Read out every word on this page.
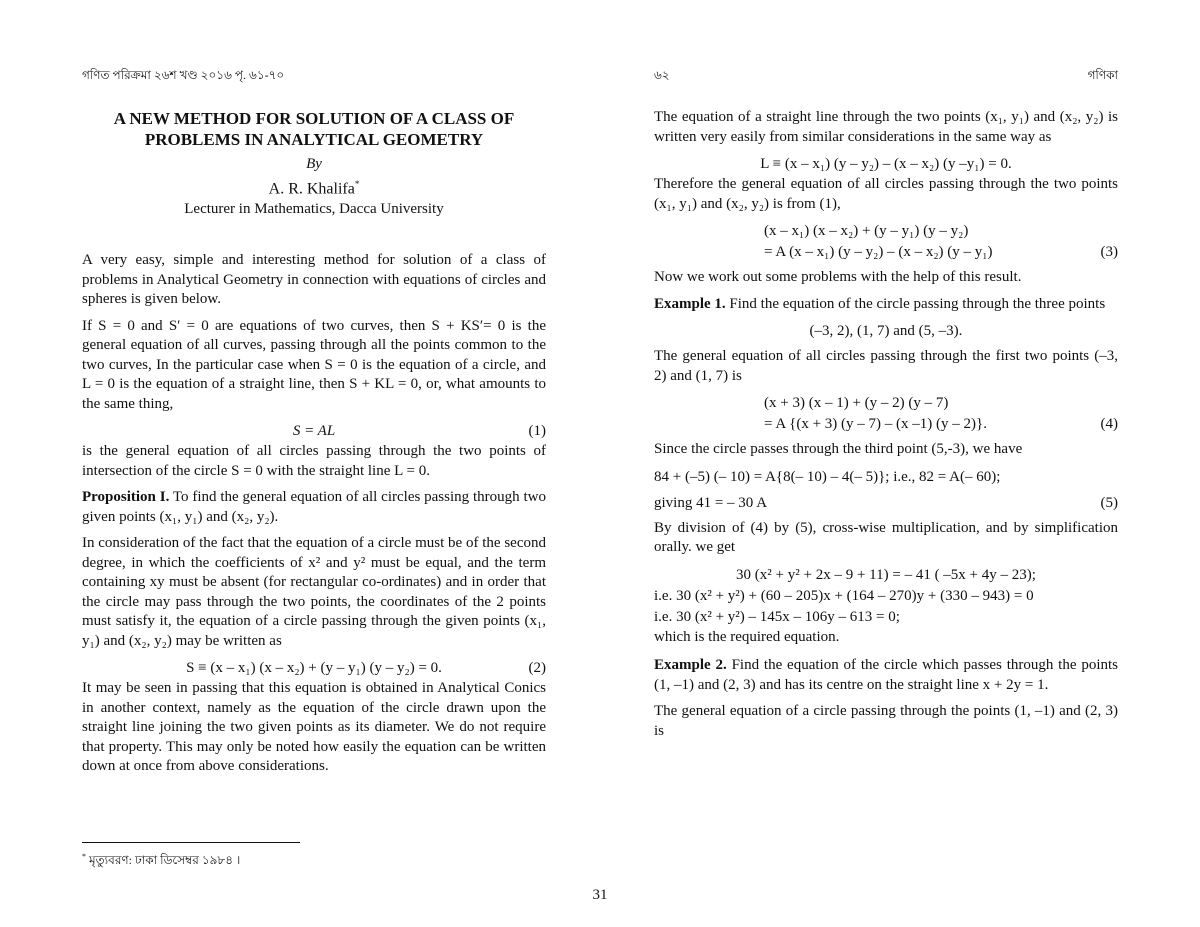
গণিত পরিক্রমা ২৬শ খণ্ড ২০১৬ পৃ. ৬১-৭০	৬২	গণিকা
A NEW METHOD FOR SOLUTION OF A CLASS OF
PROBLEMS IN ANALYTICAL GEOMETRY
By
A. R. Khalifa*
Lecturer in Mathematics, Dacca University

A very easy, simple and interesting method for solution of a class of problems in Analytical Geometry in connection with equations of circles and spheres is given below.

If S = 0 and S′ = 0 are equations of two curves, then S + KS′= 0 is the general equation of all curves, passing through all the points common to the two curves, In the particular case when S = 0 is the equation of a circle, and L = 0 is the equation of a straight line, then S + KL = 0, or, what amounts to the same thing,

S = AL	(1)

is the general equation of all circles passing through the two points of intersection of the circle S = 0 with the straight line L = 0.

Proposition I. To find the general equation of all circles passing through two given points (x₁, y₁) and (x₂, y₂).

In consideration of the fact that the equation of a circle must be of the second degree, in which the coefficients of x² and y² must be equal, and the term containing xy must be absent (for rectangular co-ordinates) and in order that the circle may pass through the two points, the coordinates of the 2 points must satisfy it, the equation of a circle passing through the given points (x₁, y₁) and (x₂, y₂) may be written as

S ≡ (x – x₁) (x – x₂) + (y – y₁) (y – y₂) = 0.	(2)

It may be seen in passing that this equation is obtained in Analytical Conics in another context, namely as the equation of the circle drawn upon the straight line joining the two given points as its diameter. We do not require that property. This may only be noted how easily the equation can be written down at once from above considerations.

* মৃত্যুবরণ: ঢাকা ডিসেম্বর ১৯৮৪ ।

The equation of a straight line through the two points (x₁, y₁) and (x₂, y₂) is written very easily from similar considerations in the same way as

L ≡ (x – x₁) (y – y₂) – (x – x₂) (y –y₁) = 0.

Therefore the general equation of all circles passing through the two points (x₁, y₁) and (x₂, y₂) is from (1),

(x – x₁) (x – x₂) + (y – y₁) (y – y₂)
= A (x – x₁) (y – y₂) – (x – x₂) (y – y₁)	(3)

Now we work out some problems with the help of this result.

Example 1. Find the equation of the circle passing through the three points

(–3, 2), (1, 7) and (5, –3).

The general equation of all circles passing through the first two points (–3, 2) and (1, 7) is

(x + 3) (x – 1) + (y – 2) (y – 7)
= A {(x + 3) (y – 7) – (x –1) (y – 2)}.	(4)

Since the circle passes through the third point (5,-3), we have

84 + (–5) (– 10) = A{8(– 10) – 4(– 5)}; i.e., 82 = A(– 60);
giving 41 = – 30 A	(5)

By division of (4) by (5), cross-wise multiplication, and by simplification orally. we get

30 (x² + y² + 2x – 9 + 11) = – 41 ( –5x + 4y – 23);
i.e. 30 (x² + y²) + (60 – 205)x + (164 – 270)y + (330 – 943) = 0
i.e. 30 (x² + y²) – 145x – 106y – 613 = 0;

which is the required equation.

Example 2. Find the equation of the circle which passes through the points (1, –1) and (2, 3) and has its centre on the straight line x + 2y = 1.

The general equation of a circle passing through the points (1, –1) and (2, 3) is

31
